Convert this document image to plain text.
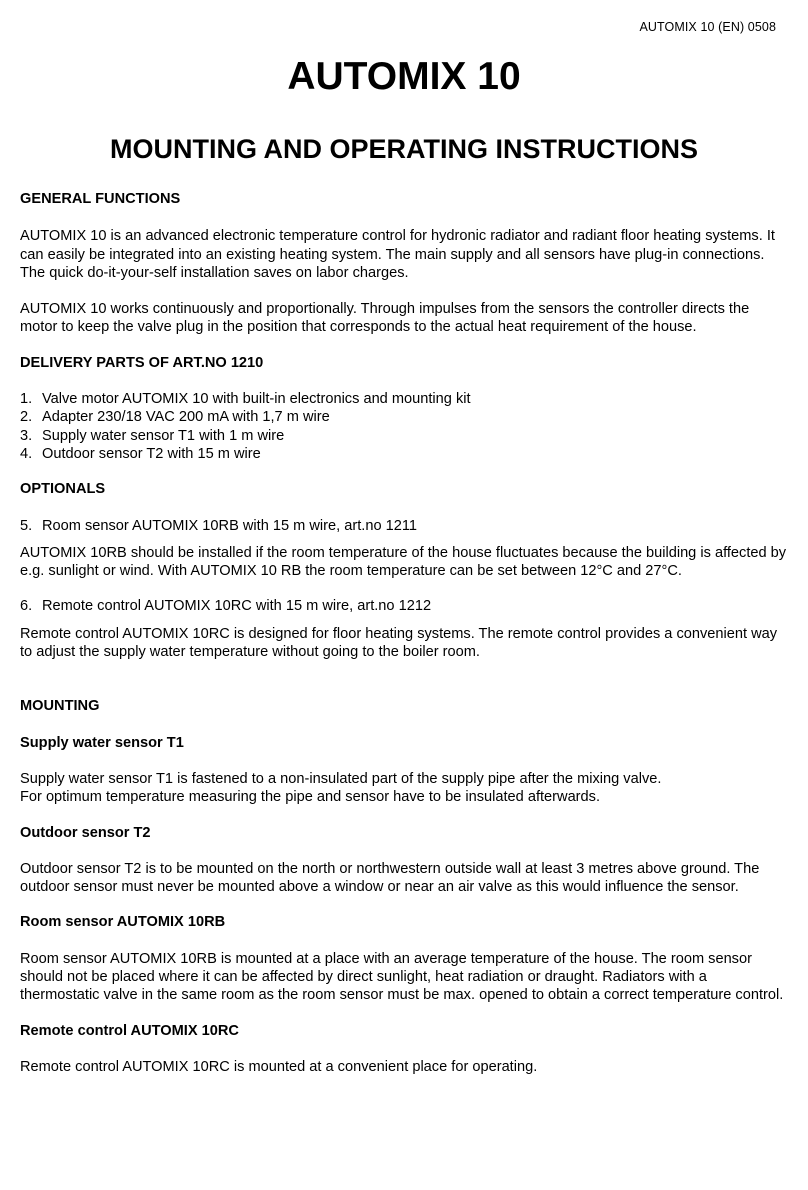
AUTOMIX 10 (EN) 0508
AUTOMIX 10
MOUNTING AND OPERATING INSTRUCTIONS

GENERAL FUNCTIONS

AUTOMIX 10 is an advanced electronic temperature control for hydronic radiator and radiant floor heating systems. It can easily be integrated into an existing heating system. The main supply and all sensors have plug-in connections. The quick do-it-your-self installation saves on labor charges.

AUTOMIX 10 works continuously and proportionally. Through impulses from the sensors the controller directs the motor to keep the valve plug in the position that corresponds to the actual heat requirement of the house.

DELIVERY PARTS OF ART.NO 1210

1. Valve motor AUTOMIX 10 with built-in electronics and mounting kit
2. Adapter 230/18 VAC 200 mA with 1,7 m wire
3. Supply water sensor T1 with 1 m wire
4. Outdoor sensor T2 with 15 m wire

OPTIONALS

5. Room sensor AUTOMIX 10RB with 15 m wire, art.no 1211

AUTOMIX 10RB should be installed if the room temperature of the house fluctuates because the building is affected by e.g. sunlight or wind. With AUTOMIX 10 RB the room temperature can be set between 12°C and 27°C.

6. Remote control AUTOMIX 10RC with 15 m wire, art.no 1212

Remote control AUTOMIX 10RC is designed for floor heating systems. The remote control provides a convenient way to adjust the supply water temperature without going to the boiler room.

MOUNTING

Supply water sensor T1

Supply water sensor T1 is fastened to a non-insulated part of the supply pipe after the mixing valve.

For optimum temperature measuring the pipe and sensor have to be insulated afterwards.

Outdoor sensor T2

Outdoor sensor T2 is to be mounted on the north or northwestern outside wall at least 3 metres above ground. The outdoor sensor must never be mounted above a window or near an air valve as this would influence the sensor.

Room sensor AUTOMIX 10RB

Room sensor AUTOMIX 10RB is mounted at a place with an average temperature of the house. The room sensor should not be placed where it can be affected by direct sunlight, heat radiation or draught. Radiators with a thermostatic valve in the same room as the room sensor must be max. opened to obtain a correct temperature control.

Remote control AUTOMIX 10RC

Remote control AUTOMIX 10RC is mounted at a convenient place for operating.
